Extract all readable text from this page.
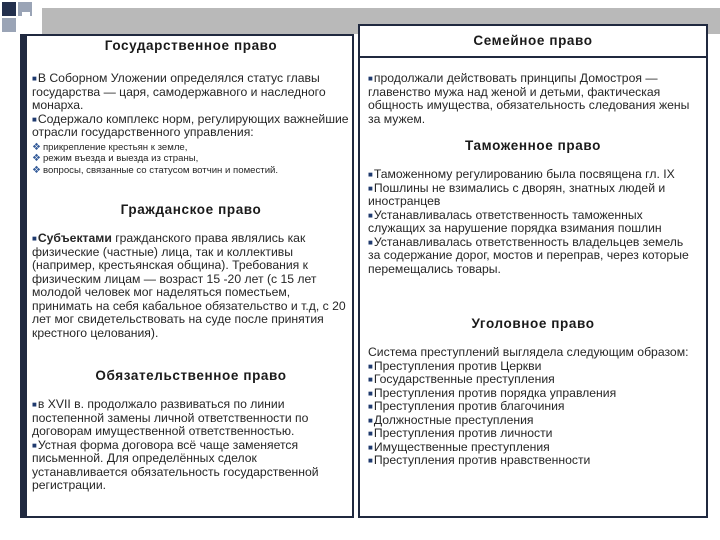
Государственное право

■В Соборном Уложении определялся статус главы государства — царя, самодержавного и наследного монарха.

■Содержало комплекс норм, регулирующих важнейшие отрасли государственного управления:

❖ прикрепление крестьян к земле,

❖ режим въезда и выезда из страны,

❖ вопросы, связанные со статусом вотчин и поместий.

Гражданское право

■Субъектами гражданского права являлись как физические (частные) лица, так и коллективы (например, крестьянская община). Требования к физическим лицам — возраст 15 -20 лет (с 15 лет молодой человек мог наделяться поместьем, принимать на себя кабальное обязательство и т.д, с 20 лет мог свидетельствовать на суде после принятия крестного целования).

Обязательственное право

■в XVII в. продолжало развиваться по линии постепенной замены личной ответственности по договорам имущественной ответственностью.

■Устная форма договора всё чаще заменяется письменной. Для определённых сделок устанавливается обязательность государственной регистрации.

■продолжали действовать принципы Домостроя — главенство мужа над женой и детьми, фактическая общность имущества, обязательность следования жены за мужем.

Таможенное право

■Таможенному регулированию была посвящена гл. IX

■Пошлины не взимались с дворян, знатных людей и иностранцев

■Устанавливалась ответственность таможенных служащих за нарушение порядка взимания пошлин

■Устанавливалась ответственность владельцев земель за содержание дорог, мостов и переправ, через которые перемещались товары.

Уголовное право

Система преступлений выглядела следующим образом:

■Преступления против Церкви

■Государственные преступления

■Преступления против порядка управления

■Преступления против благочиния

■Должностные преступления

■Преступления против личности

■Имущественные преступления

■Преступления против нравственности

Семейное право
